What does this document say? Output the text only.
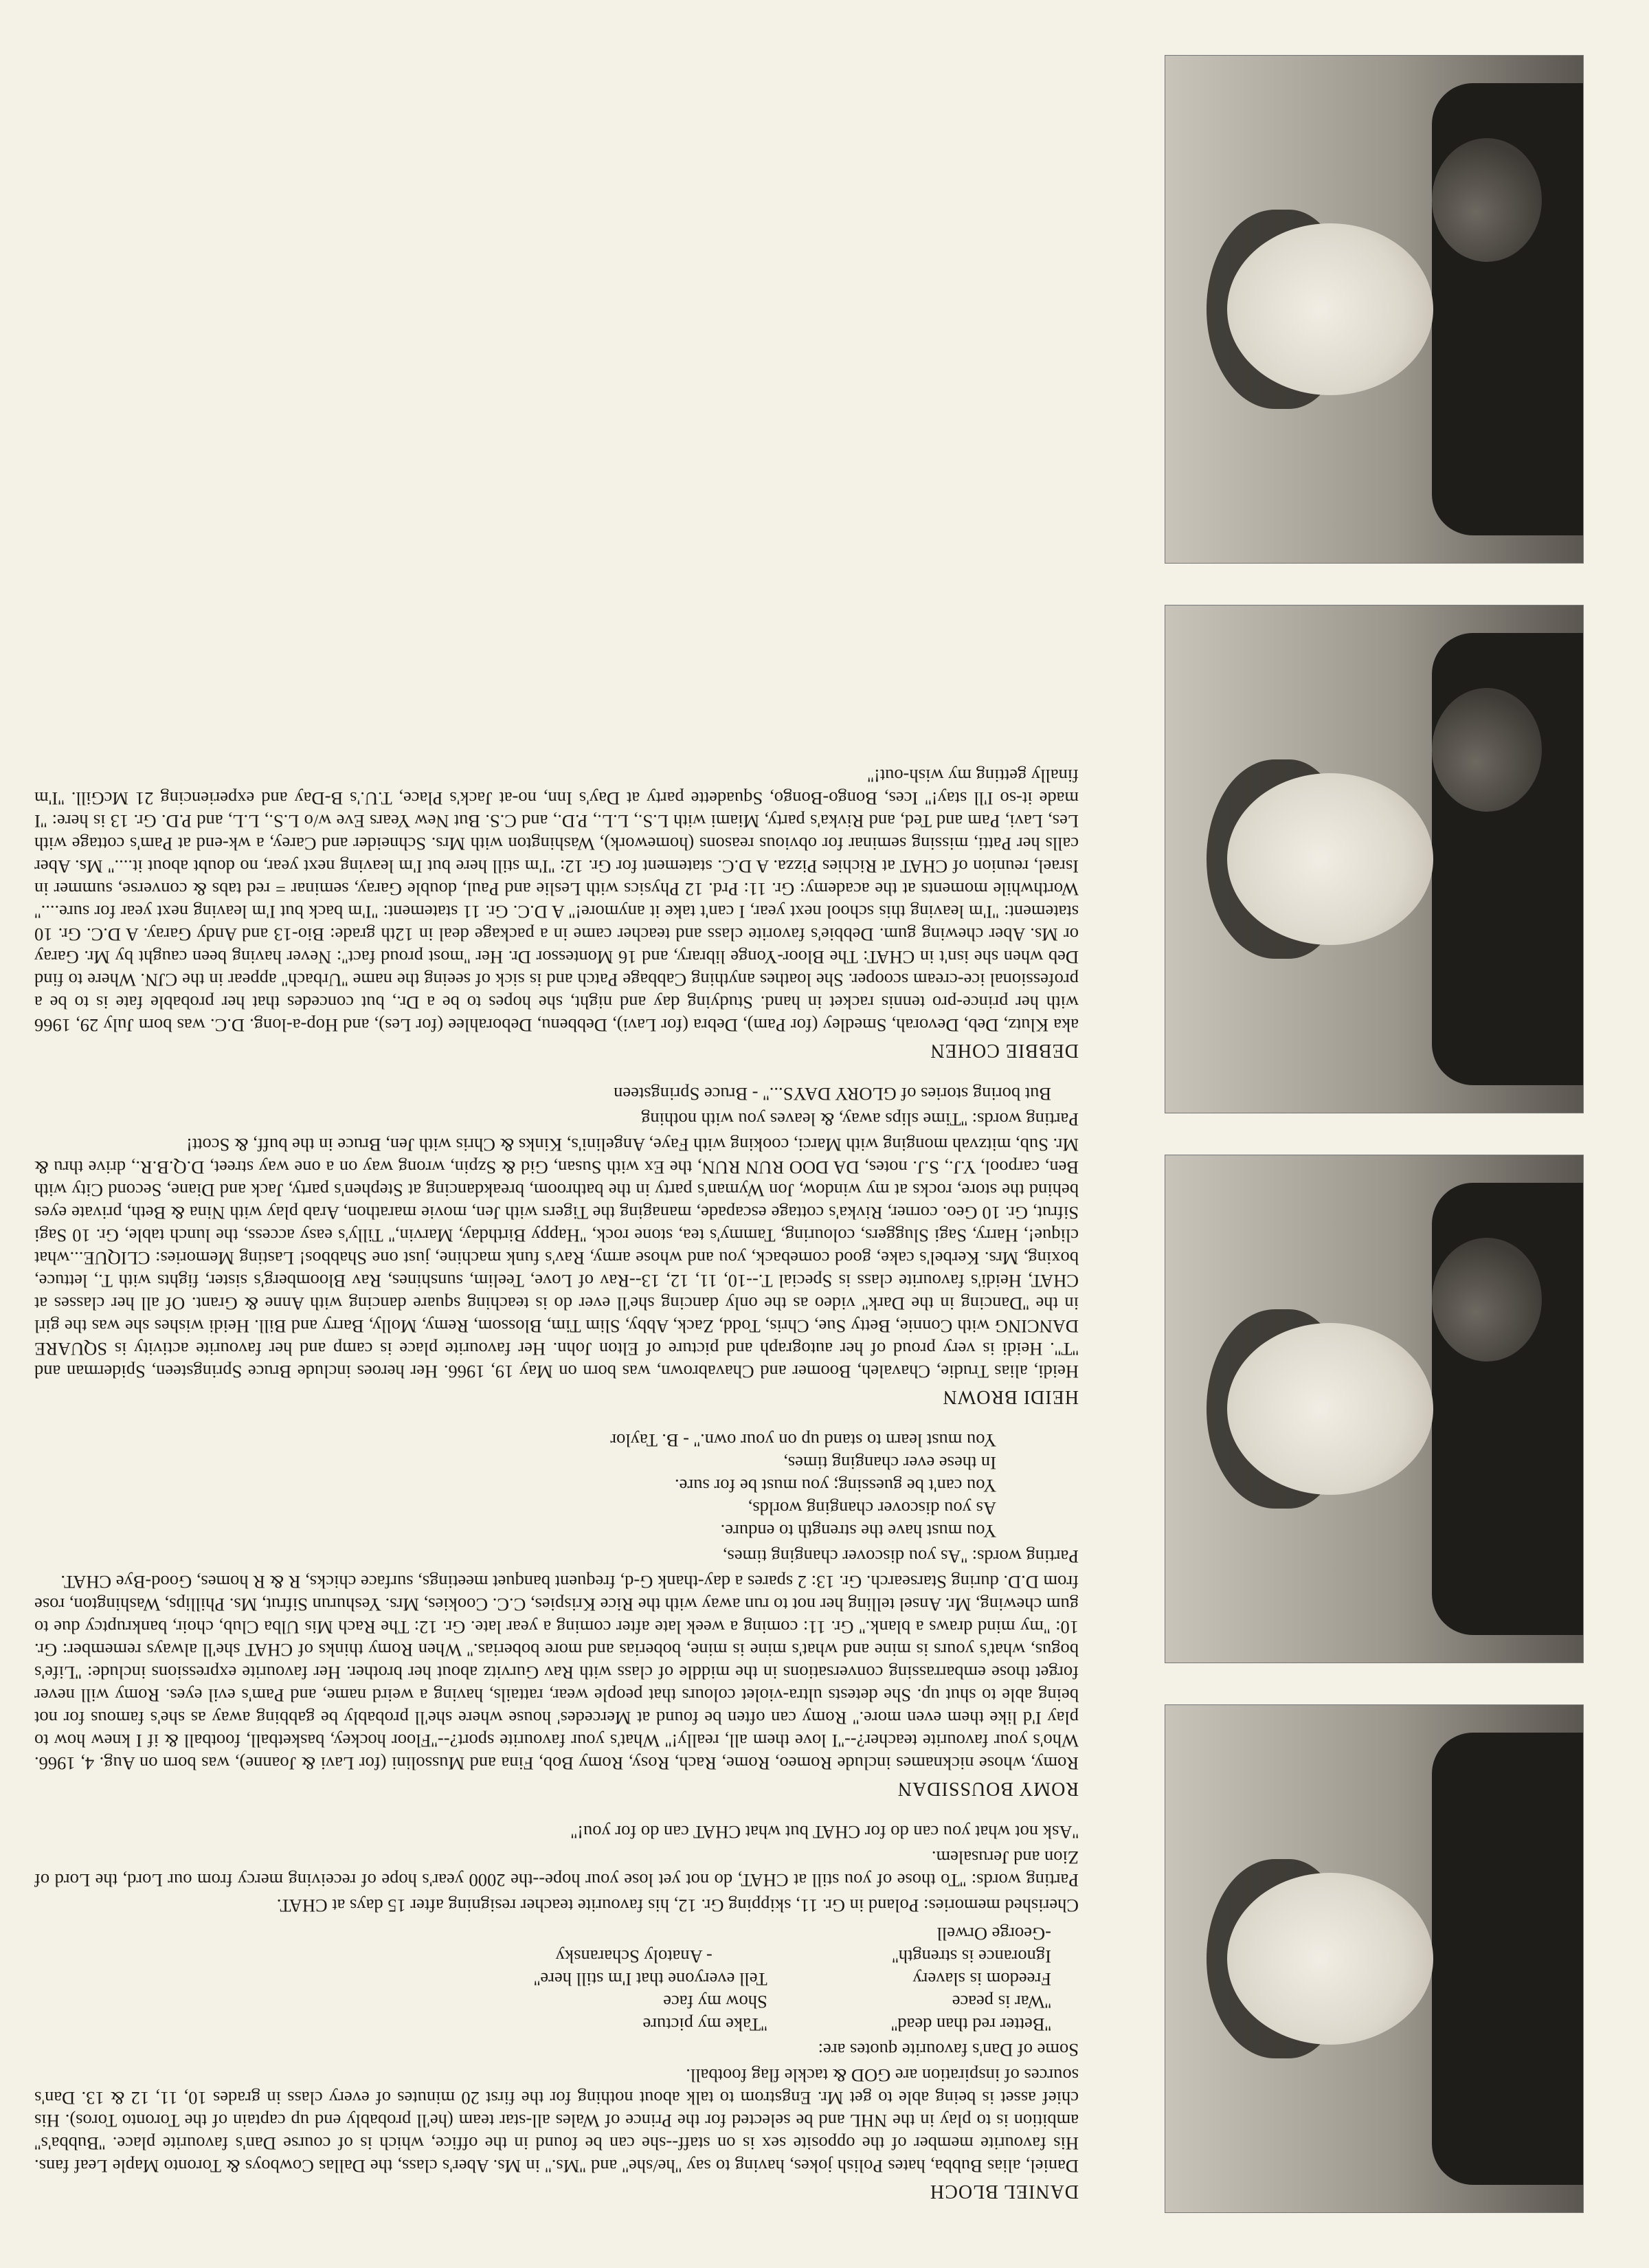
DANIEL BLOCH

Daniel, alias Bubba, hates Polish jokes, having to say ''he/she'' and ''Ms.'' in Ms. Aber's class, the Dallas Cowboys & Toronto Maple Leaf fans. His favourite member of the opposite sex is on staff--she can be found in the office, which is of course Dan's favourite place. ''Bubba's'' ambition is to play in the NHL and be selected for the Prince of Wales all-star team (he'll probably end up captain of the Toronto Toros). His chief asset is being able to get Mr. Engstrom to talk about nothing for the first 20 minutes of every class in grades 10, 11, 12 & 13. Dan's sources of inspiration are GOD & tackle flag football.

Some of Dan's favourite quotes are:

''Better red than dead''
''War is peace
Freedom is slavery
Ignorance is strength''
-George Orwell
''Take my picture
Show my face
Tell everyone that I'm still here''
- Anatoly Scharansky

Cherished memories: Poland in Gr. 11, skipping Gr. 12, his favourite teacher resigning after 15 days at CHAT.

Parting words: ''To those of you still at CHAT, do not yet lose your hope--the 2000 year's hope of receiving mercy from our Lord, the Lord of Zion and Jerusalem.

''Ask not what you can do for CHAT but what CHAT can do for you!''

ROMY BOUSSIDAN

Romy, whose nicknames include Romeo, Rome, Rach, Rosy, Romy Bob, Fina and Mussolini (for Lavi & Joanne), was born on Aug. 4, 1966. Who's your favourite teacher?--''I love them all, really!'' What's your favourite sport?--''Floor hockey, basketball, football & if I knew how to play I'd like them even more.'' Romy can often be found at Mercedes' house where she'll probably be gabbing away as she's famous for not being able to shut up. She detests ultra-violet colours that people wear, rattails, having a weird name, and Pam's evil eyes. Romy will never forget those embarrassing conversations in the middle of class with Rav Gurvitz about her brother. Her favourite expressions include: ''Life's bogus, what's yours is mine and what's mine is mine, boberias and more boberias.'' When Romy thinks of CHAT she'll always remember: Gr. 10: ''my mind draws a blank.'' Gr. 11: coming a week late after coming a year late. Gr. 12: The Rach Mis Ulba Club, choir, bankruptcy due to gum chewing, Mr. Ansel telling her not to run away with the Rice Krispies, C.C. Cookies, Mrs. Yeshurun Sifrut, Ms. Phillips, Washington, rose from D.D. during Starsearch. Gr. 13: 2 spares a day-thank G-d, frequent banquet meetings, surface chicks, R & R homes, Good-Bye CHAT.

Parting words: ''As you discover changing times,

You must have the strength to endure.
As you discover changing worlds,
You can't be guessing; you must be for sure.
In these ever changing times,
You must learn to stand up on your own.'' - B. Taylor
HEIDI BROWN

Heidi, alias Trudie, Chavaleh, Boomer and Chavabrown, was born on May 19, 1966. Her heroes include Bruce Springsteen, Spiderman and ''T''. Heidi is very proud of her autograph and picture of Elton John. Her favourite place is camp and her favourite activity is SQUARE DANCING with Connie, Betty Sue, Chris, Todd, Zack, Abby, Slim Tim, Blossom, Remy, Molly, Barry and Bill. Heidi wishes she was the girl in the ''Dancing in the Dark'' video as the only dancing she'll ever do is teaching square dancing with Anne & Grant. Of all her classes at CHAT, Heidi's favourite class is Special T.--10, 11, 12, 13--Rav of Love, Teelim, sunshines, Rav Bloomberg's sister, fights with T., lettuce, boxing, Mrs. Kerbel's cake, good comeback, you and whose army, Rav's funk machine, just one Shabbos! Lasting Memories: CLIQUE...what clique!, Harry, Sagi Sluggers, colouring, Tammy's tea, stone rock, ''Happy Birthday, Marvin,'' Tilly's easy access, the lunch table, Gr. 10 Sagi Sifrut, Gr. 10 Geo. corner, Rivka's cottage escapade, managing the Tigers with Jen, movie marathon, Arab play with Nina & Beth, private eyes behind the store, rocks at my window, Jon Wyman's party in the bathroom, breakdancing at Stephen's party, Jack and Diane, Second City with Ben, carpool, Y.J., S.J. notes, DA DOO RUN RUN, the Ex with Susan, Gid & Szpin, wrong way on a one way street, D.Q.B.R., drive thru & Mr. Sub, mitzvah monging with Marci, cooking with Faye, Angelini's, Kinks & Chris with Jen, Bruce in the buff, & Scott!

Parting words: ''Time slips away, & leaves you with nothing

But boring stories of GLORY DAYS...'' - Bruce Springsteen

DEBBIE COHEN

aka Klutz, Deb, Devorah, Smedley (for Pam), Debra (for Lavi), Debbenu, Deborahlee (for Les), and Hop-a-long. D.C. was born July 29, 1966 with her prince-pro tennis racket in hand. Studying day and night, she hopes to be a Dr., but concedes that her probable fate is to be a professional ice-cream scooper. She loathes anything Cabbage Patch and is sick of seeing the name ''Urbach'' appear in the CJN. Where to find Deb when she isn't in CHAT: The Bloor-Yonge library, and 16 Montessor Dr. Her ''most proud fact'': Never having been caught by Mr. Garay or Ms. Aber chewing gum. Debbie's favorite class and teacher came in a package deal in 12th grade: Bio-13 and Andy Garay. A D.C. Gr. 10 statement: ''I'm leaving this school next year, I can't take it anymore!'' A D.C. Gr. 11 statement: ''I'm back but I'm leaving next year for sure....'' Worthwhile moments at the academy: Gr. 11: Prd. 12 Physics with Leslie and Paul, double Garay, seminar = red tabs & converse, summer in Israel, reunion of CHAT at Richies Pizza. A D.C. statement for Gr. 12: ''I'm still here but I'm leaving next year, no doubt about it....'' Ms. Aber calls her Patti, missing seminar for obvious reasons (homework), Washington with Mrs. Schneider and Carey, a wk-end at Pam's cottage with Les, Lavi, Pam and Ted, and Rivka's party, Miami with L.S., L.L., P.D., and C.S. But New Years Eve w/o L.S., L.L, and P.D. Gr. 13 is here: ''I made it-so I'll stay!'' Ices, Bongo-Bongo, Squadette party at Day's Inn, no-at Jack's Place, T.U.'s B-Day and experiencing 21 McGill. ''I'm finally getting my wish-out!''
